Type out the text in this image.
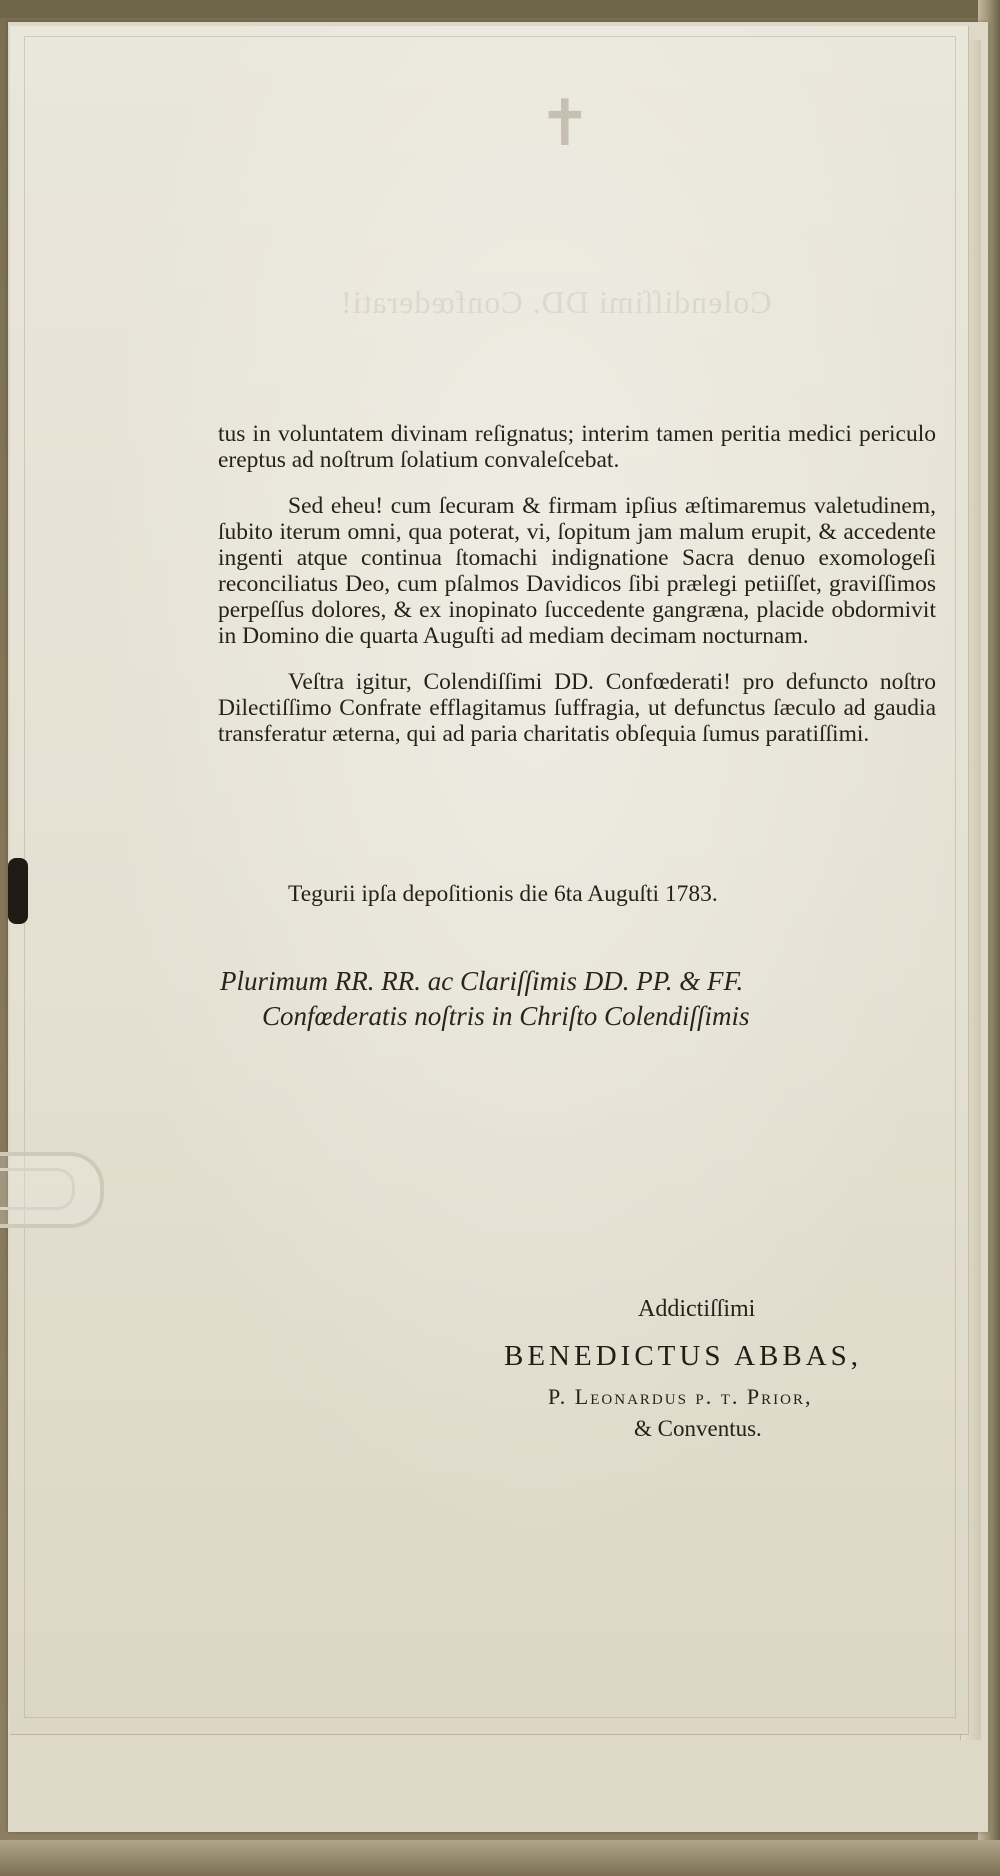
✝
Colendiſſimi DD. Confœderati!

tus in voluntatem divinam reſignatus; interim tamen peritia medici periculo ereptus ad noſtrum ſolatium convaleſcebat.

Sed eheu! cum ſecuram & firmam ipſius æſtimaremus valetudinem, ſubito iterum omni, qua poterat, vi, ſopitum jam malum erupit, & accedente ingenti atque continua ſtomachi indignatione Sacra denuo exomologeſi reconciliatus Deo, cum pſalmos Davidicos ſibi prælegi petiiſſet, graviſſimos perpeſſus dolores, & ex inopinato ſuccedente gangræna, placide obdormivit in Domino die quarta Auguſti ad mediam decimam nocturnam.

Veſtra igitur, Colendiſſimi DD. Confœderati! pro defuncto noſtro Dilectiſſimo Confrate efflagitamus ſuffragia, ut defunctus ſæculo ad gaudia transferatur æterna, qui ad paria charitatis obſequia ſumus paratiſſimi.

Tegurii ipſa depoſitionis die 6ta Auguſti 1783.
Plurimum RR. RR. ac Clariſſimis DD. PP. & FF.
Confœderatis noſtris in Chriſto Colendiſſimis
Addictiſſimi
BENEDICTUS ABBAS,
P. Leonardus p. t. Prior,
& Conventus.
